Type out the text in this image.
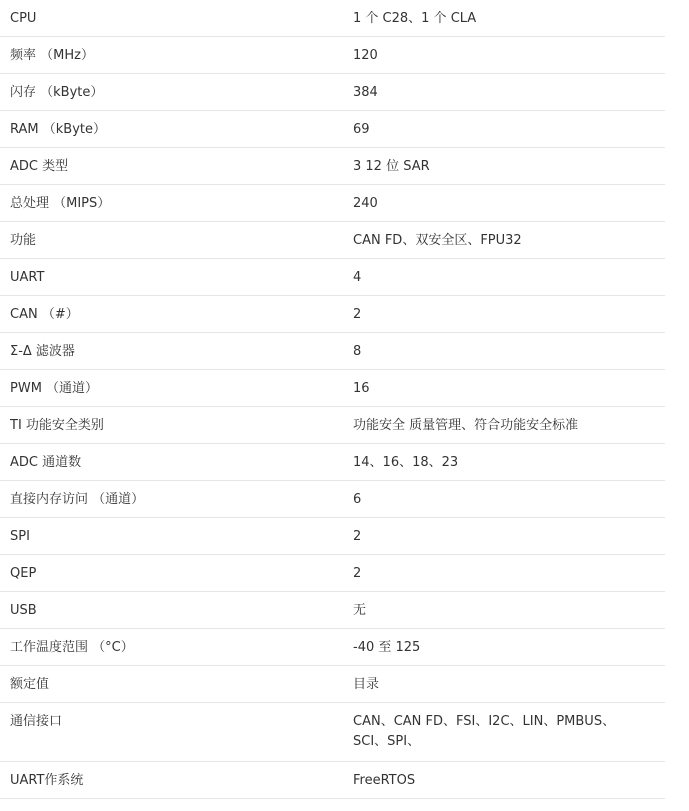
CPU	1 个 C28、1 个 CLA
频率 （MHz）	120
闪存 （kByte）	384
RAM （kByte）	69
ADC 类型	3 12 位 SAR
总处理 （MIPS）	240
功能	CAN FD、双安全区、FPU32
UART	4
CAN （#）	2
Σ-Δ 滤波器	8
PWM （通道）	16
TI 功能安全类别	功能安全 质量管理、符合功能安全标准
ADC 通道数	14、16、18、23
直接内存访问 （通道）	6
SPI	2
QEP	2
USB	无
工作温度范围 （°C）	-40 至 125
额定值	目录
通信接口	CAN、CAN FD、FSI、I2C、LIN、PMBUS、SCI、SPI、
UART作系统	FreeRTOS
